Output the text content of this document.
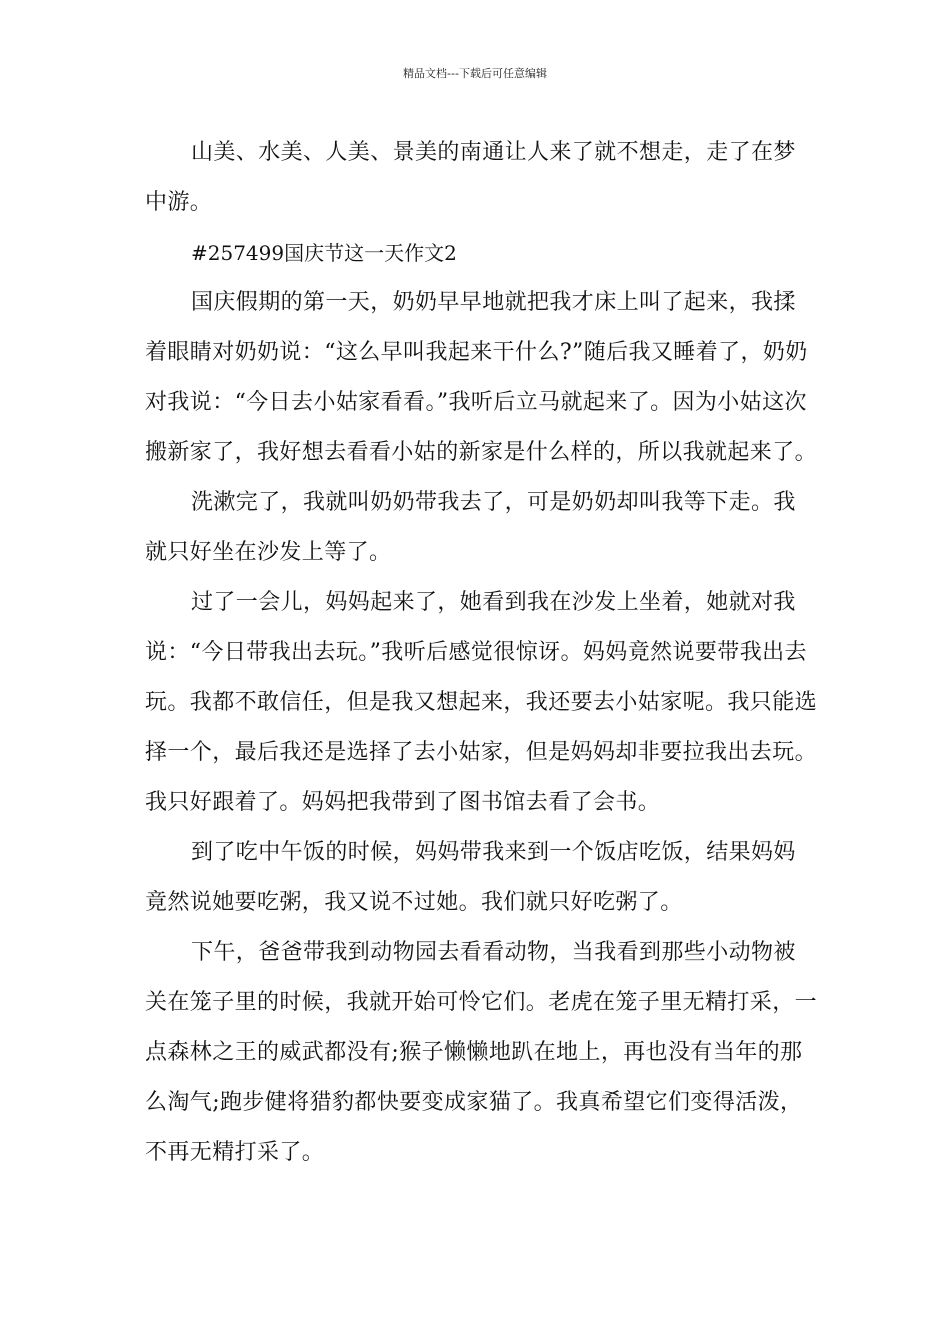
精品文档---下载后可任意编辑

山美、水美、人美、景美的南通让人来了就不想走，走了在梦中游。

#257499国庆节这一天作文2

国庆假期的第一天，奶奶早早地就把我才床上叫了起来，我揉着眼睛对奶奶说：“这么早叫我起来干什么?”随后我又睡着了，奶奶对我说：“今日去小姑家看看。”我听后立马就起来了。因为小姑这次搬新家了，我好想去看看小姑的新家是什么样的，所以我就起来了。

洗漱完了，我就叫奶奶带我去了，可是奶奶却叫我等下走。我就只好坐在沙发上等了。

过了一会儿，妈妈起来了，她看到我在沙发上坐着，她就对我说：“今日带我出去玩。”我听后感觉很惊讶。妈妈竟然说要带我出去玩。我都不敢信任，但是我又想起来，我还要去小姑家呢。我只能选择一个，最后我还是选择了去小姑家，但是妈妈却非要拉我出去玩。我只好跟着了。妈妈把我带到了图书馆去看了会书。

到了吃中午饭的时候，妈妈带我来到一个饭店吃饭，结果妈妈竟然说她要吃粥，我又说不过她。我们就只好吃粥了。

下午，爸爸带我到动物园去看看动物，当我看到那些小动物被关在笼子里的时候，我就开始可怜它们。老虎在笼子里无精打采，一点森林之王的威武都没有;猴子懒懒地趴在地上，再也没有当年的那么淘气;跑步健将猎豹都快要变成家猫了。我真希望它们变得活泼，不再无精打采了。
